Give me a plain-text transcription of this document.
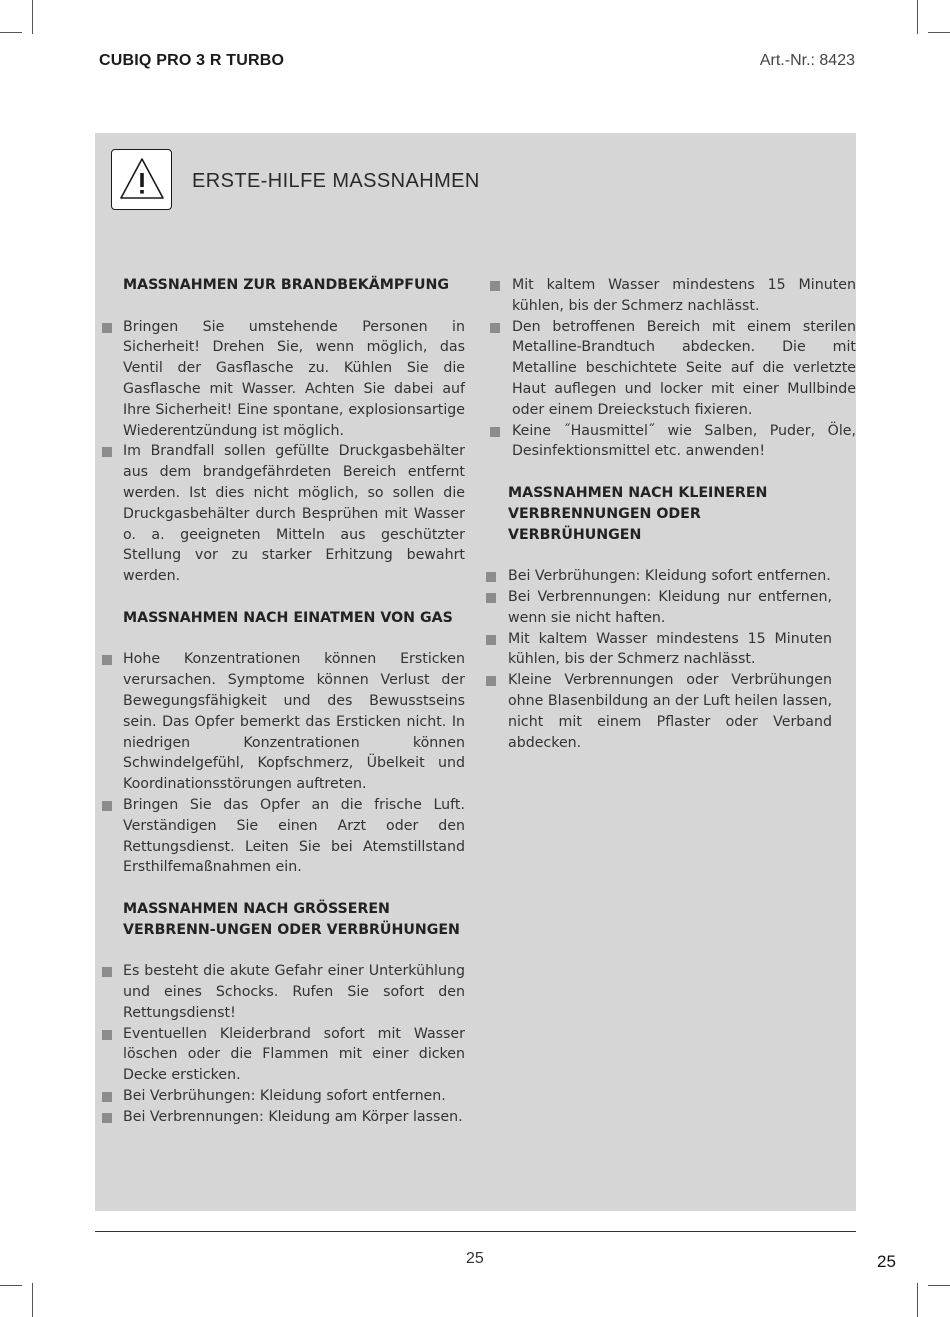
CUBIQ PRO 3 R TURBO	Art.-Nr.: 8423
ERSTE-HILFE MASSNAHMEN
MASSNAHMEN ZUR BRANDBEKÄMPFUNG
Bringen Sie umstehende Personen in Sicherheit! Drehen Sie, wenn möglich, das Ventil der Gasflasche zu. Kühlen Sie die Gasflasche mit Wasser. Achten Sie dabei auf Ihre Sicherheit! Eine spontane, explosionsartige Wiederentzündung ist möglich.
Im Brandfall sollen gefüllte Druckgasbehälter aus dem brandgefährdeten Bereich entfernt werden. Ist dies nicht möglich, so sollen die Druckgasbehälter durch Besprühen mit Wasser o. a. geeigneten Mitteln aus geschützter Stellung vor zu starker Erhitzung bewahrt werden.
MASSNAHMEN NACH EINATMEN VON GAS
Hohe Konzentrationen können Ersticken verursachen. Symptome können Verlust der Bewegungsfähigkeit und des Bewusstseins sein. Das Opfer bemerkt das Ersticken nicht. In niedrigen Konzentrationen können Schwindelgefühl, Kopfschmerz, Übelkeit und Koordinationsstörungen auftreten.
Bringen Sie das Opfer an die frische Luft. Verständigen Sie einen Arzt oder den Rettungsdienst. Leiten Sie bei Atemstillstand Ersthilfemaßnahmen ein.
MASSNAHMEN NACH GRÖSSEREN VERBRENN-UNGEN ODER VERBRÜHUNGEN
Es besteht die akute Gefahr einer Unterkühlung und eines Schocks. Rufen Sie sofort den Rettungsdienst!
Eventuellen Kleiderbrand sofort mit Wasser löschen oder die Flammen mit einer dicken Decke ersticken.
Bei Verbrühungen: Kleidung sofort entfernen.
Bei Verbrennungen: Kleidung am Körper lassen.
Mit kaltem Wasser mindestens 15 Minuten kühlen, bis der Schmerz nachlässt.
Den betroffenen Bereich mit einem sterilen Metalline-Brandtuch abdecken. Die mit Metalline beschichtete Seite auf die verletzte Haut auflegen und locker mit einer Mullbinde oder einem Dreieckstuch fixieren.
Keine ˝Hausmittel˝ wie Salben, Puder, Öle, Desinfektionsmittel etc. anwenden!
MASSNAHMEN NACH KLEINEREN VERBRENNUNGEN ODER VERBRÜHUNGEN
Bei Verbrühungen: Kleidung sofort entfernen.
Bei Verbrennungen: Kleidung nur entfernen, wenn sie nicht haften.
Mit kaltem Wasser mindestens 15 Minuten kühlen, bis der Schmerz nachlässt.
Kleine Verbrennungen oder Verbrühungen ohne Blasenbildung an der Luft heilen lassen, nicht mit einem Pflaster oder Verband abdecken.
25	25
